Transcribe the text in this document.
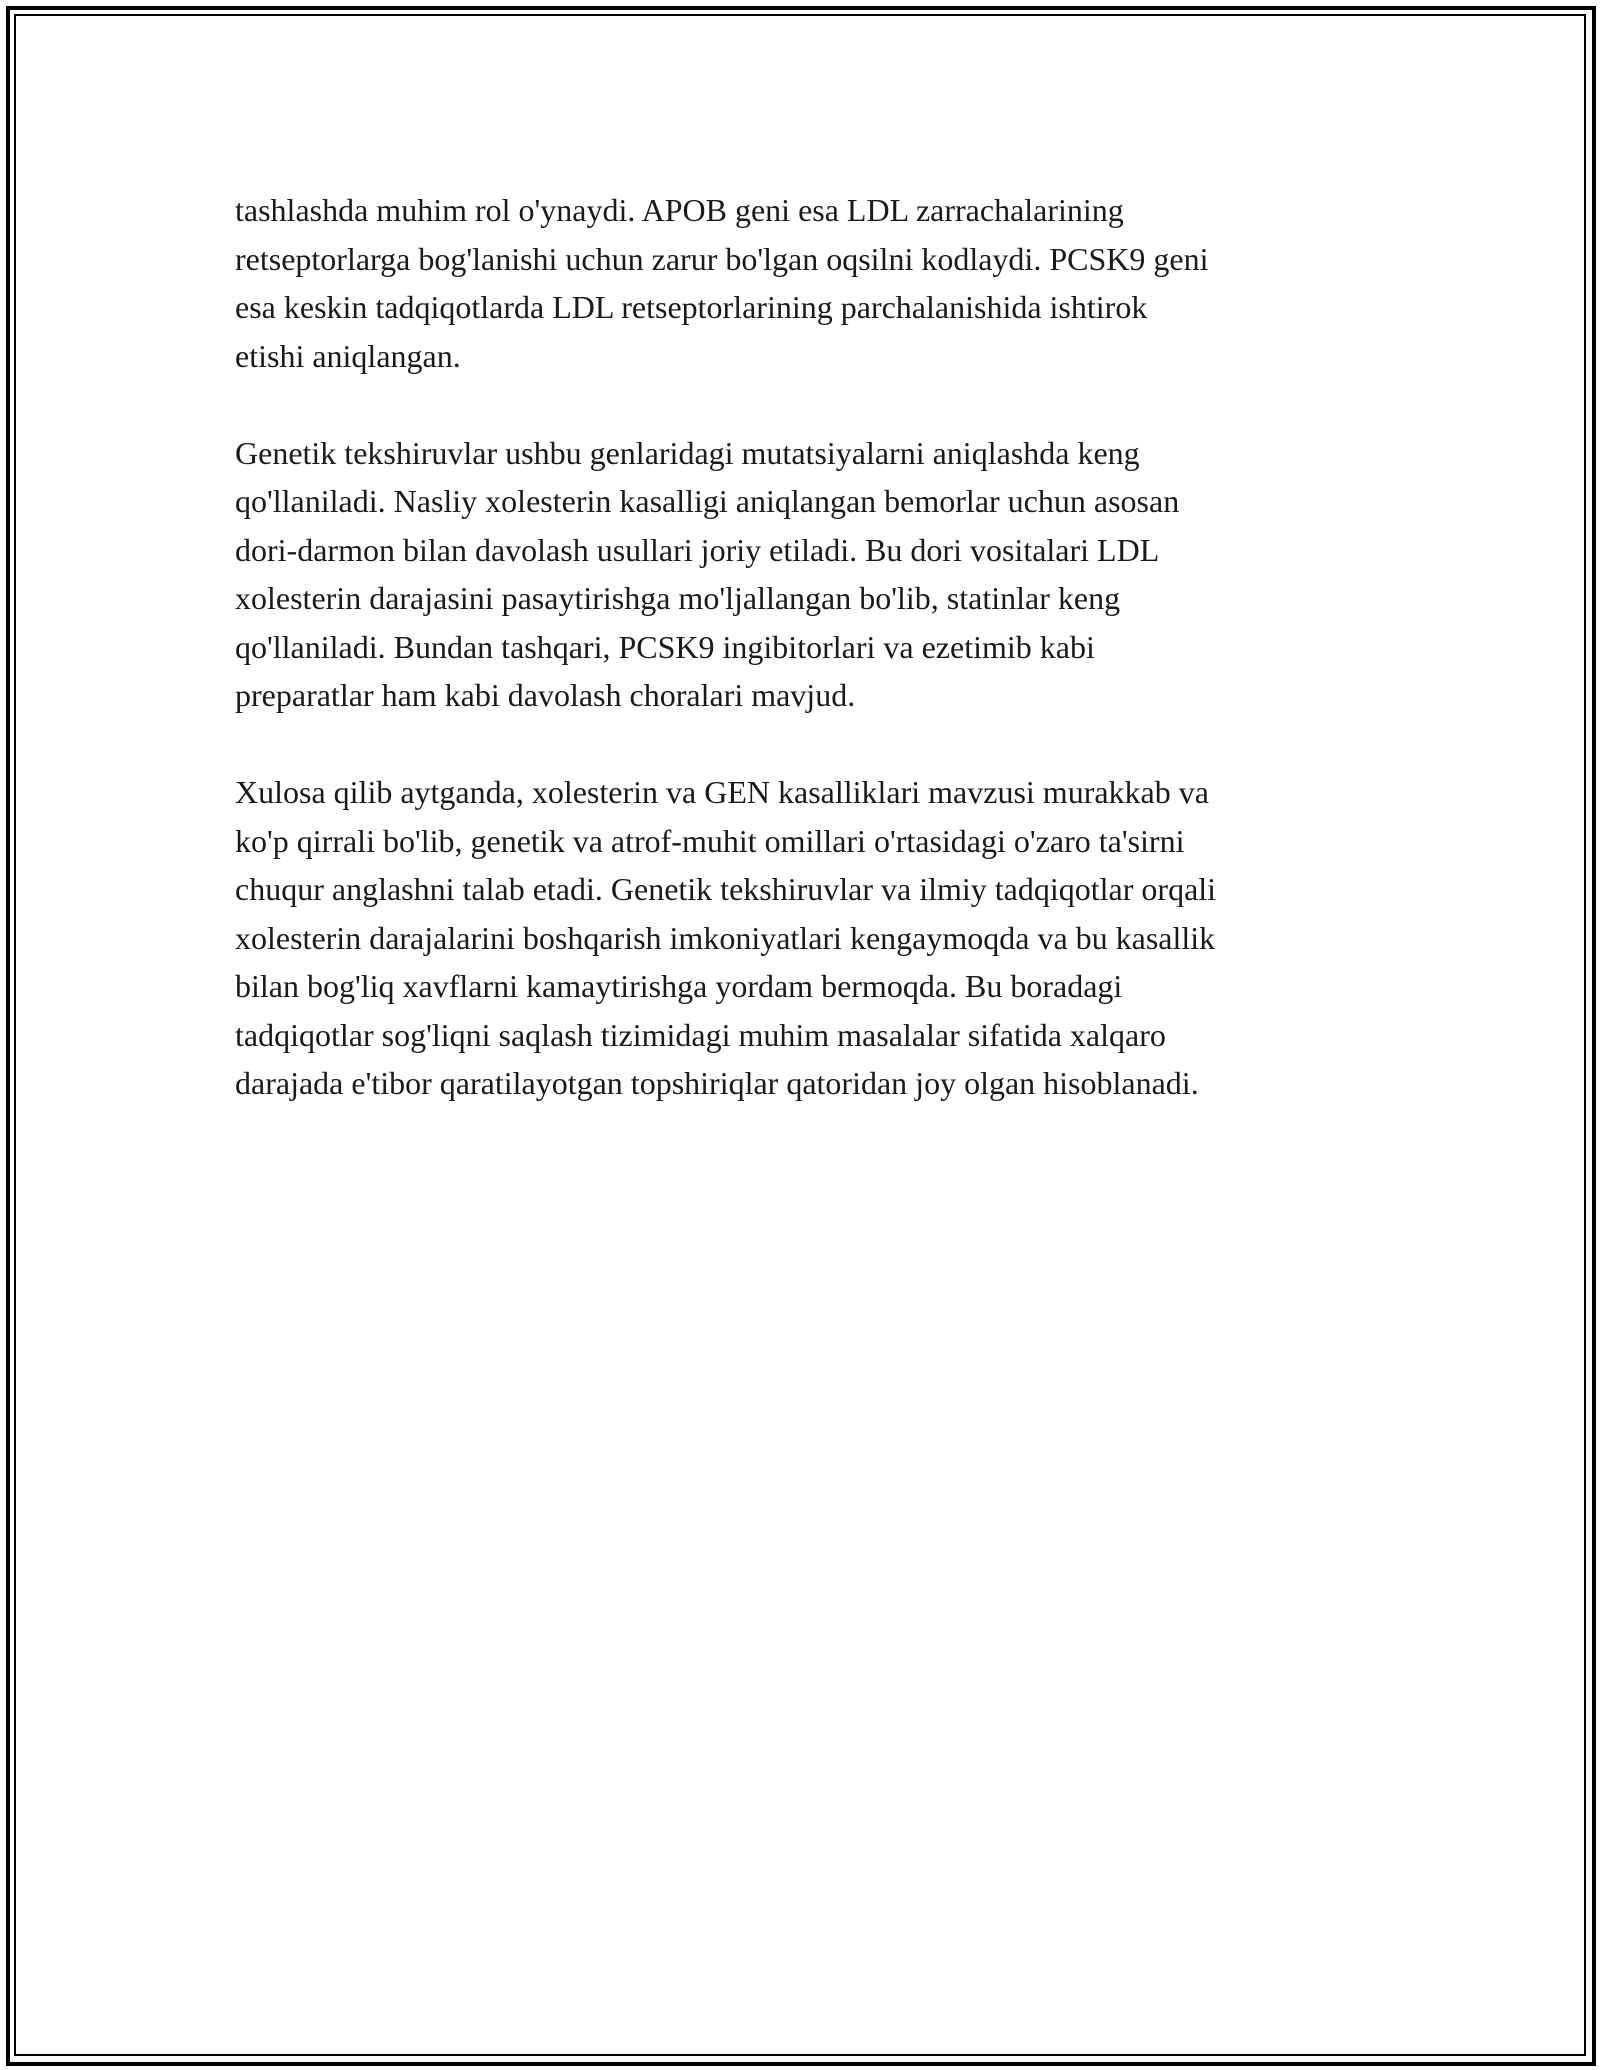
tashlashda muhim rol o'ynaydi. APOB geni esa LDL zarrachalarining
retseptorlarga bog'lanishi uchun zarur bo'lgan oqsilni kodlaydi. PCSK9 geni
esa keskin tadqiqotlarda LDL retseptorlarining parchalanishida ishtirok
etishi aniqlangan.
Genetik tekshiruvlar ushbu genlaridagi mutatsiyalarni aniqlashda keng
qo'llaniladi. Nasliy xolesterin kasalligi aniqlangan bemorlar uchun asosan
dori-darmon bilan davolash usullari joriy etiladi. Bu dori vositalari LDL
xolesterin darajasini pasaytirishga mo'ljallangan bo'lib, statinlar keng
qo'llaniladi. Bundan tashqari, PCSK9 ingibitorlari va ezetimib kabi
preparatlar ham kabi davolash choralari mavjud.
Xulosa qilib aytganda, xolesterin va GEN kasalliklari mavzusi murakkab va
ko'p qirrali bo'lib, genetik va atrof-muhit omillari o'rtasidagi o'zaro ta'sirni
chuqur anglashni talab etadi. Genetik tekshiruvlar va ilmiy tadqiqotlar orqali
xolesterin darajalarini boshqarish imkoniyatlari kengaymoqda va bu kasallik
bilan bog'liq xavflarni kamaytirishga yordam bermoqda. Bu boradagi
tadqiqotlar sog'liqni saqlash tizimidagi muhim masalalar sifatida xalqaro
darajada e'tibor qaratilayotgan topshiriqlar qatoridan joy olgan hisoblanadi.
